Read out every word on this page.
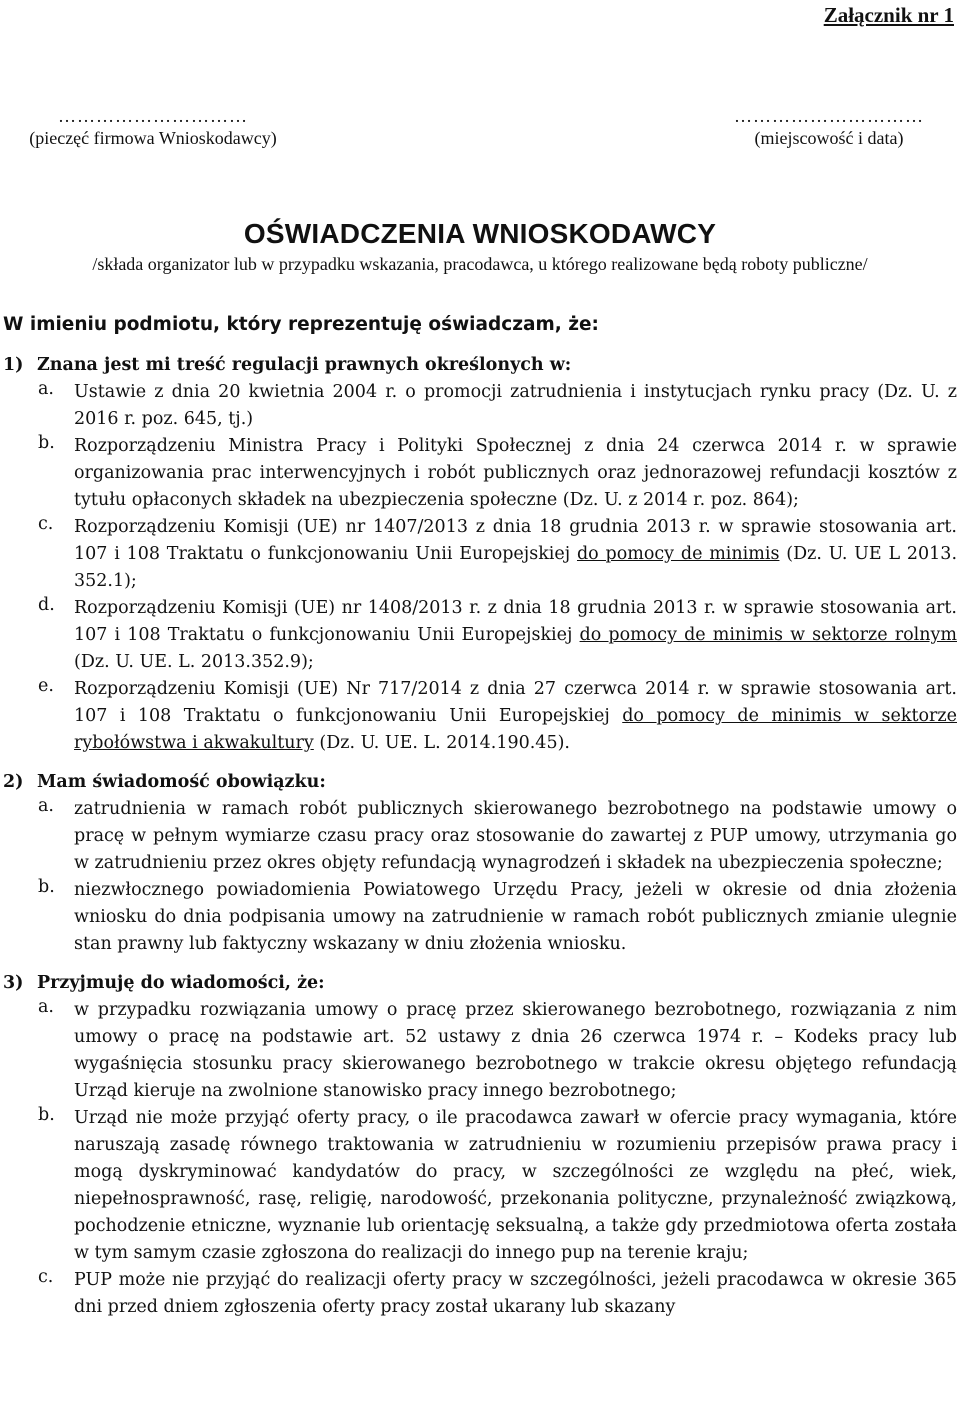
Załącznik nr 1
…………………………
(pieczęć firmowa Wnioskodawcy)
…………………………
(miejscowość i data)
OŚWIADCZENIA WNIOSKODAWCY
/składa organizator lub w przypadku wskazania, pracodawca, u którego realizowane będą roboty publiczne/
W imieniu podmiotu, który reprezentuję oświadczam, że:
1) Znana jest mi treść regulacji prawnych określonych w:
a.	Ustawie z dnia 20 kwietnia 2004 r. o promocji zatrudnienia i instytucjach rynku pracy (Dz. U. z 2016 r. poz. 645, tj.)
b.	Rozporządzeniu Ministra Pracy i Polityki Społecznej z dnia 24 czerwca 2014 r. w sprawie organizowania prac interwencyjnych i robót publicznych oraz jednorazowej refundacji kosztów z tytułu opłaconych składek na ubezpieczenia społeczne (Dz. U. z 2014 r. poz. 864);
c.	Rozporządzeniu Komisji (UE) nr 1407/2013 z dnia 18 grudnia 2013 r. w sprawie stosowania art. 107 i 108 Traktatu o funkcjonowaniu Unii Europejskiej do pomocy de minimis (Dz. U. UE L 2013. 352.1);
d.	Rozporządzeniu Komisji (UE) nr 1408/2013 r. z dnia 18 grudnia 2013 r. w sprawie stosowania art. 107 i 108 Traktatu o funkcjonowaniu Unii Europejskiej do pomocy de minimis w sektorze rolnym (Dz. U. UE. L. 2013.352.9);
e.	Rozporządzeniu Komisji (UE) Nr 717/2014 z dnia 27 czerwca 2014 r. w sprawie stosowania art. 107 i 108 Traktatu o funkcjonowaniu Unii Europejskiej do pomocy de minimis w sektorze rybołówstwa i akwakultury (Dz. U. UE. L. 2014.190.45).
2) Mam świadomość obowiązku:
a.	zatrudnienia w ramach robót publicznych skierowanego bezrobotnego na podstawie umowy o pracę w pełnym wymiarze czasu pracy oraz stosowanie do zawartej z PUP umowy, utrzymania go w zatrudnieniu przez okres objęty refundacją wynagrodzeń i składek na ubezpieczenia społeczne;
b.	niezwłocznego powiadomienia Powiatowego Urzędu Pracy, jeżeli w okresie od dnia złożenia wniosku do dnia podpisania umowy na zatrudnienie w ramach robót publicznych zmianie ulegnie stan prawny lub faktyczny wskazany w dniu złożenia wniosku.
3) Przyjmuję do wiadomości, że:
a.	w przypadku rozwiązania umowy o pracę przez skierowanego bezrobotnego, rozwiązania z nim umowy o pracę na podstawie art. 52 ustawy z dnia 26 czerwca 1974 r. – Kodeks pracy lub wygaśnięcia stosunku pracy skierowanego bezrobotnego w trakcie okresu objętego refundacją Urząd kieruje na zwolnione stanowisko pracy innego bezrobotnego;
b.	Urząd nie może przyjąć oferty pracy, o ile pracodawca zawarł w ofercie pracy wymagania, które naruszają zasadę równego traktowania w zatrudnieniu w rozumieniu przepisów prawa pracy i mogą dyskryminować kandydatów do pracy, w szczególności ze względu na płeć, wiek, niepełnosprawność, rasę, religię, narodowość, przekonania polityczne, przynależność związkową, pochodzenie etniczne, wyznanie lub orientację seksualną, a także gdy przedmiotowa oferta została w tym samym czasie zgłoszona do realizacji do innego pup na terenie kraju;
c.	PUP może nie przyjąć do realizacji oferty pracy w szczególności, jeżeli pracodawca w okresie 365 dni przed dniem zgłoszenia oferty pracy został ukarany lub skazany
